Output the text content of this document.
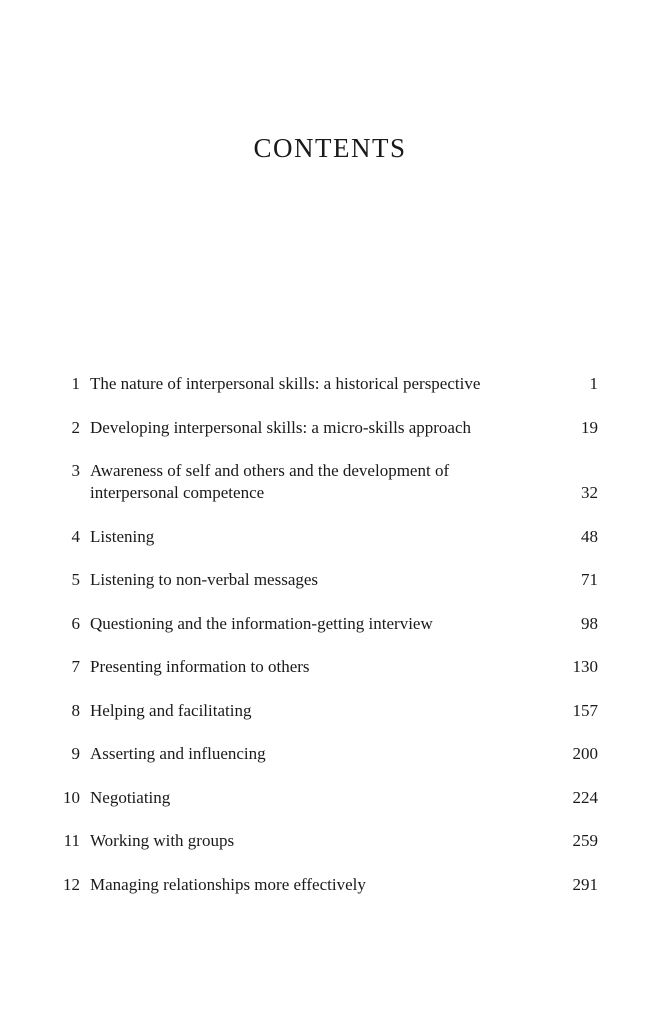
CONTENTS
1 The nature of interpersonal skills: a historical perspective	1
2 Developing interpersonal skills: a micro-skills approach	19
3 Awareness of self and others and the development of
interpersonal competence	32
4 Listening	48
5 Listening to non-verbal messages	71
6 Questioning and the information-getting interview	98
7 Presenting information to others	130
8 Helping and facilitating	157
9 Asserting and influencing	200
10 Negotiating	224
11 Working with groups	259
12 Managing relationships more effectively	291
